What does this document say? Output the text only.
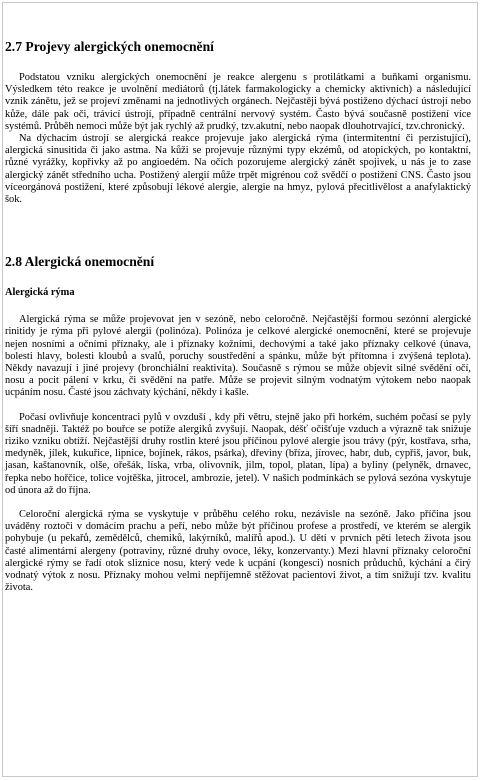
2.7 Projevy alergických onemocnění

Podstatou vzniku alergických onemocnění je reakce alergenu s protilátkami a buňkami organismu. Výsledkem této reakce je uvolnění mediátorů (tj.látek farmakologicky a chemicky aktivních) a následující vznik zánětu, jež se projeví změnami na jednotlivých orgánech. Nejčastěji bývá postiženo dýchací ústrojí nebo kůže, dále pak oči, trávicí ústrojí, případně centrální nervový systém. Často bývá současně postižení více systémů. Průběh nemoci může být jak rychlý až prudký, tzv.akutní, nebo naopak dlouhotrvající, tzv.chronický.

Na dýchacím ústrojí se alergická reakce projevuje jako alergická rýma (intermitentní či perzistující), alergická sinusitida či jako astma. Na kůži se projevuje různými typy ekzémů, od atopických, po kontaktní, různé vyrážky, kopřivky až po angioedém. Na očích pozorujeme alergický zánět spojivek, u nás je to zase alergický zánět středního ucha. Postižený alergií může trpět migrénou což svědčí o postižení CNS. Často jsou víceorgánová postižení, které způsobují lékové alergie, alergie na hmyz, pylová přecitlivělost a anafylaktický šok.

2.8 Alergická onemocnění
Alergická rýma

Alergická rýma se může projevovat jen v sezóně, nebo celoročně. Nejčastější formou sezónní alergické rinitidy je rýma při pylové alergii (polinóza). Polinóza je celkové alergické onemocnění, které se projevuje nejen nosními a očními příznaky, ale i příznaky kožními, dechovými a také jako příznaky celkové (únava, bolesti hlavy, bolesti kloubů a svalů, poruchy soustředění a spánku, může být přítomna i zvýšená teplota). Někdy navazují i jiné projevy (bronchiální reaktivita). Současně s rýmou se může objevit silné svědění očí, nosu a pocit pálení v krku, či svědění na patře. Může se projevit silným vodnatým výtokem nebo naopak ucpáním nosu. Časté jsou záchvaty kýchání, někdy i kašle.

Počasí ovlivňuje koncentraci pylů v ovzduší , kdy při větru, stejně jako při horkém, suchém počasí se pyly šíří snadněji. Taktéž po bouřce se potíže alergiků zvyšují. Naopak, déšť očišťuje vzduch a výrazně tak snižuje riziko vzniku obtíží. Nejčastější druhy rostlin které jsou příčinou pylové alergie jsou trávy (pýr, kostřava, srha, medyněk, jílek, kukuřice, lipnice, bojínek, rákos, psárka), dřeviny (bříza, jírovec, habr, dub, cypřiš, javor, buk, jasan, kaštanovník, olše, ořešák, líska, vrba, olivovník, jilm, topol, platan, lípa) a byliny (pelyněk, drnavec, řepka nebo hořčice, tolice vojtěška, jitrocel, ambrozie, jetel). V našich podmínkách se pylová sezóna vyskytuje od února až do října.

Celoroční alergická rýma se vyskytuje v průběhu celého roku, nezávisle na sezóně. Jako příčina jsou uváděny roztoči v domácím prachu a peří, nebo může být příčinou profese a prostředí, ve kterém se alergik pohybuje (u pekařů, zemědělců, chemiků, lakýrníků, malířů apod.). U dětí v prvních pěti letech života jsou časté alimentární alergeny (potraviny, různé druhy ovoce, léky, konzervanty.) Mezi hlavní příznaky celoroční alergické rýmy se řadí otok sliznice nosu, který vede k ucpání (kongesci) nosních průduchů, kýchání a čirý vodnatý výtok z nosu. Příznaky mohou velmi nepříjemně stěžovat pacientovi život, a tím snižují tzv. kvalitu života.
